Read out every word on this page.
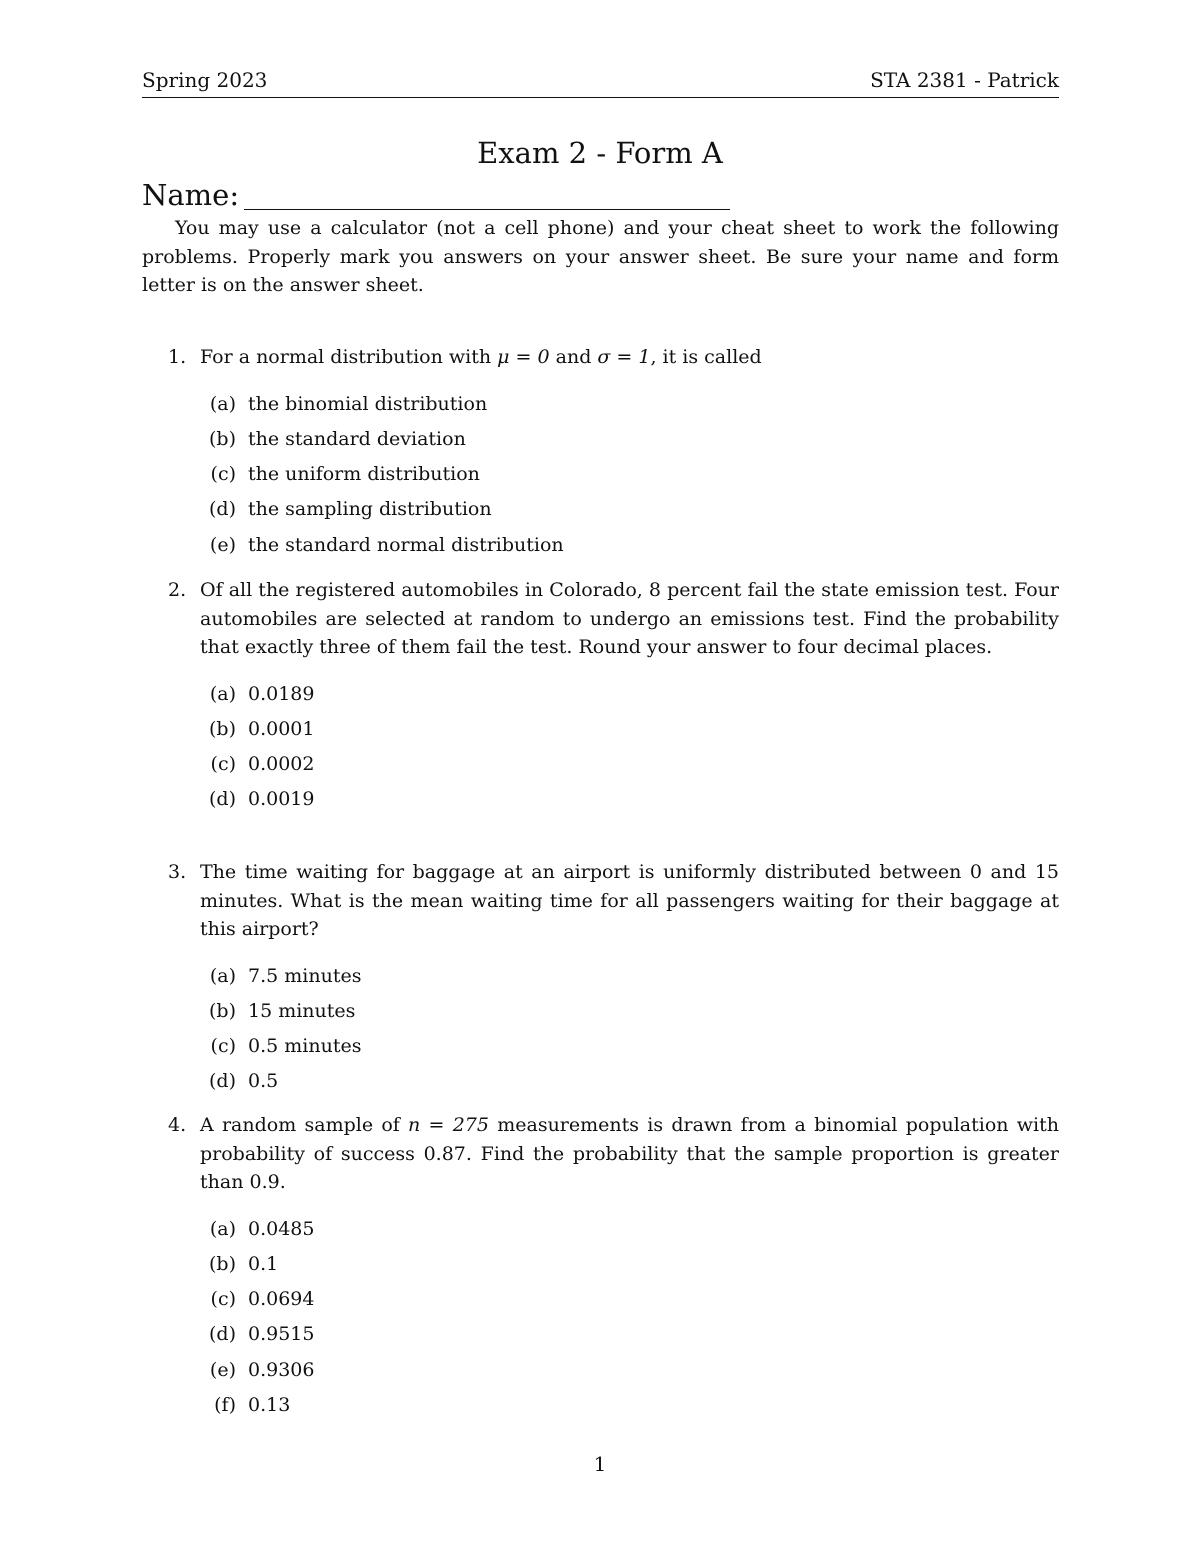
Spring 2023	STA 2381 - Patrick
Exam 2 - Form A
Name:

You may use a calculator (not a cell phone) and your cheat sheet to work the following problems. Properly mark you answers on your answer sheet. Be sure your name and form letter is on the answer sheet.

1. For a normal distribution with μ = 0 and σ = 1, it is called

(a) the binomial distribution
(b) the standard deviation
(c) the uniform distribution
(d) the sampling distribution
(e) the standard normal distribution
2. Of all the registered automobiles in Colorado, 8 percent fail the state emission test. Four automobiles are selected at random to undergo an emissions test. Find the probability that exactly three of them fail the test. Round your answer to four decimal places.

(a) 0.0189
(b) 0.0001
(c) 0.0002
(d) 0.0019
3. The time waiting for baggage at an airport is uniformly distributed between 0 and 15 minutes. What is the mean waiting time for all passengers waiting for their baggage at this airport?

(a) 7.5 minutes
(b) 15 minutes
(c) 0.5 minutes
(d) 0.5
4. A random sample of n = 275 measurements is drawn from a binomial population with probability of success 0.87. Find the probability that the sample proportion is greater than 0.9.

(a) 0.0485
(b) 0.1
(c) 0.0694
(d) 0.9515
(e) 0.9306
(f) 0.13
1
